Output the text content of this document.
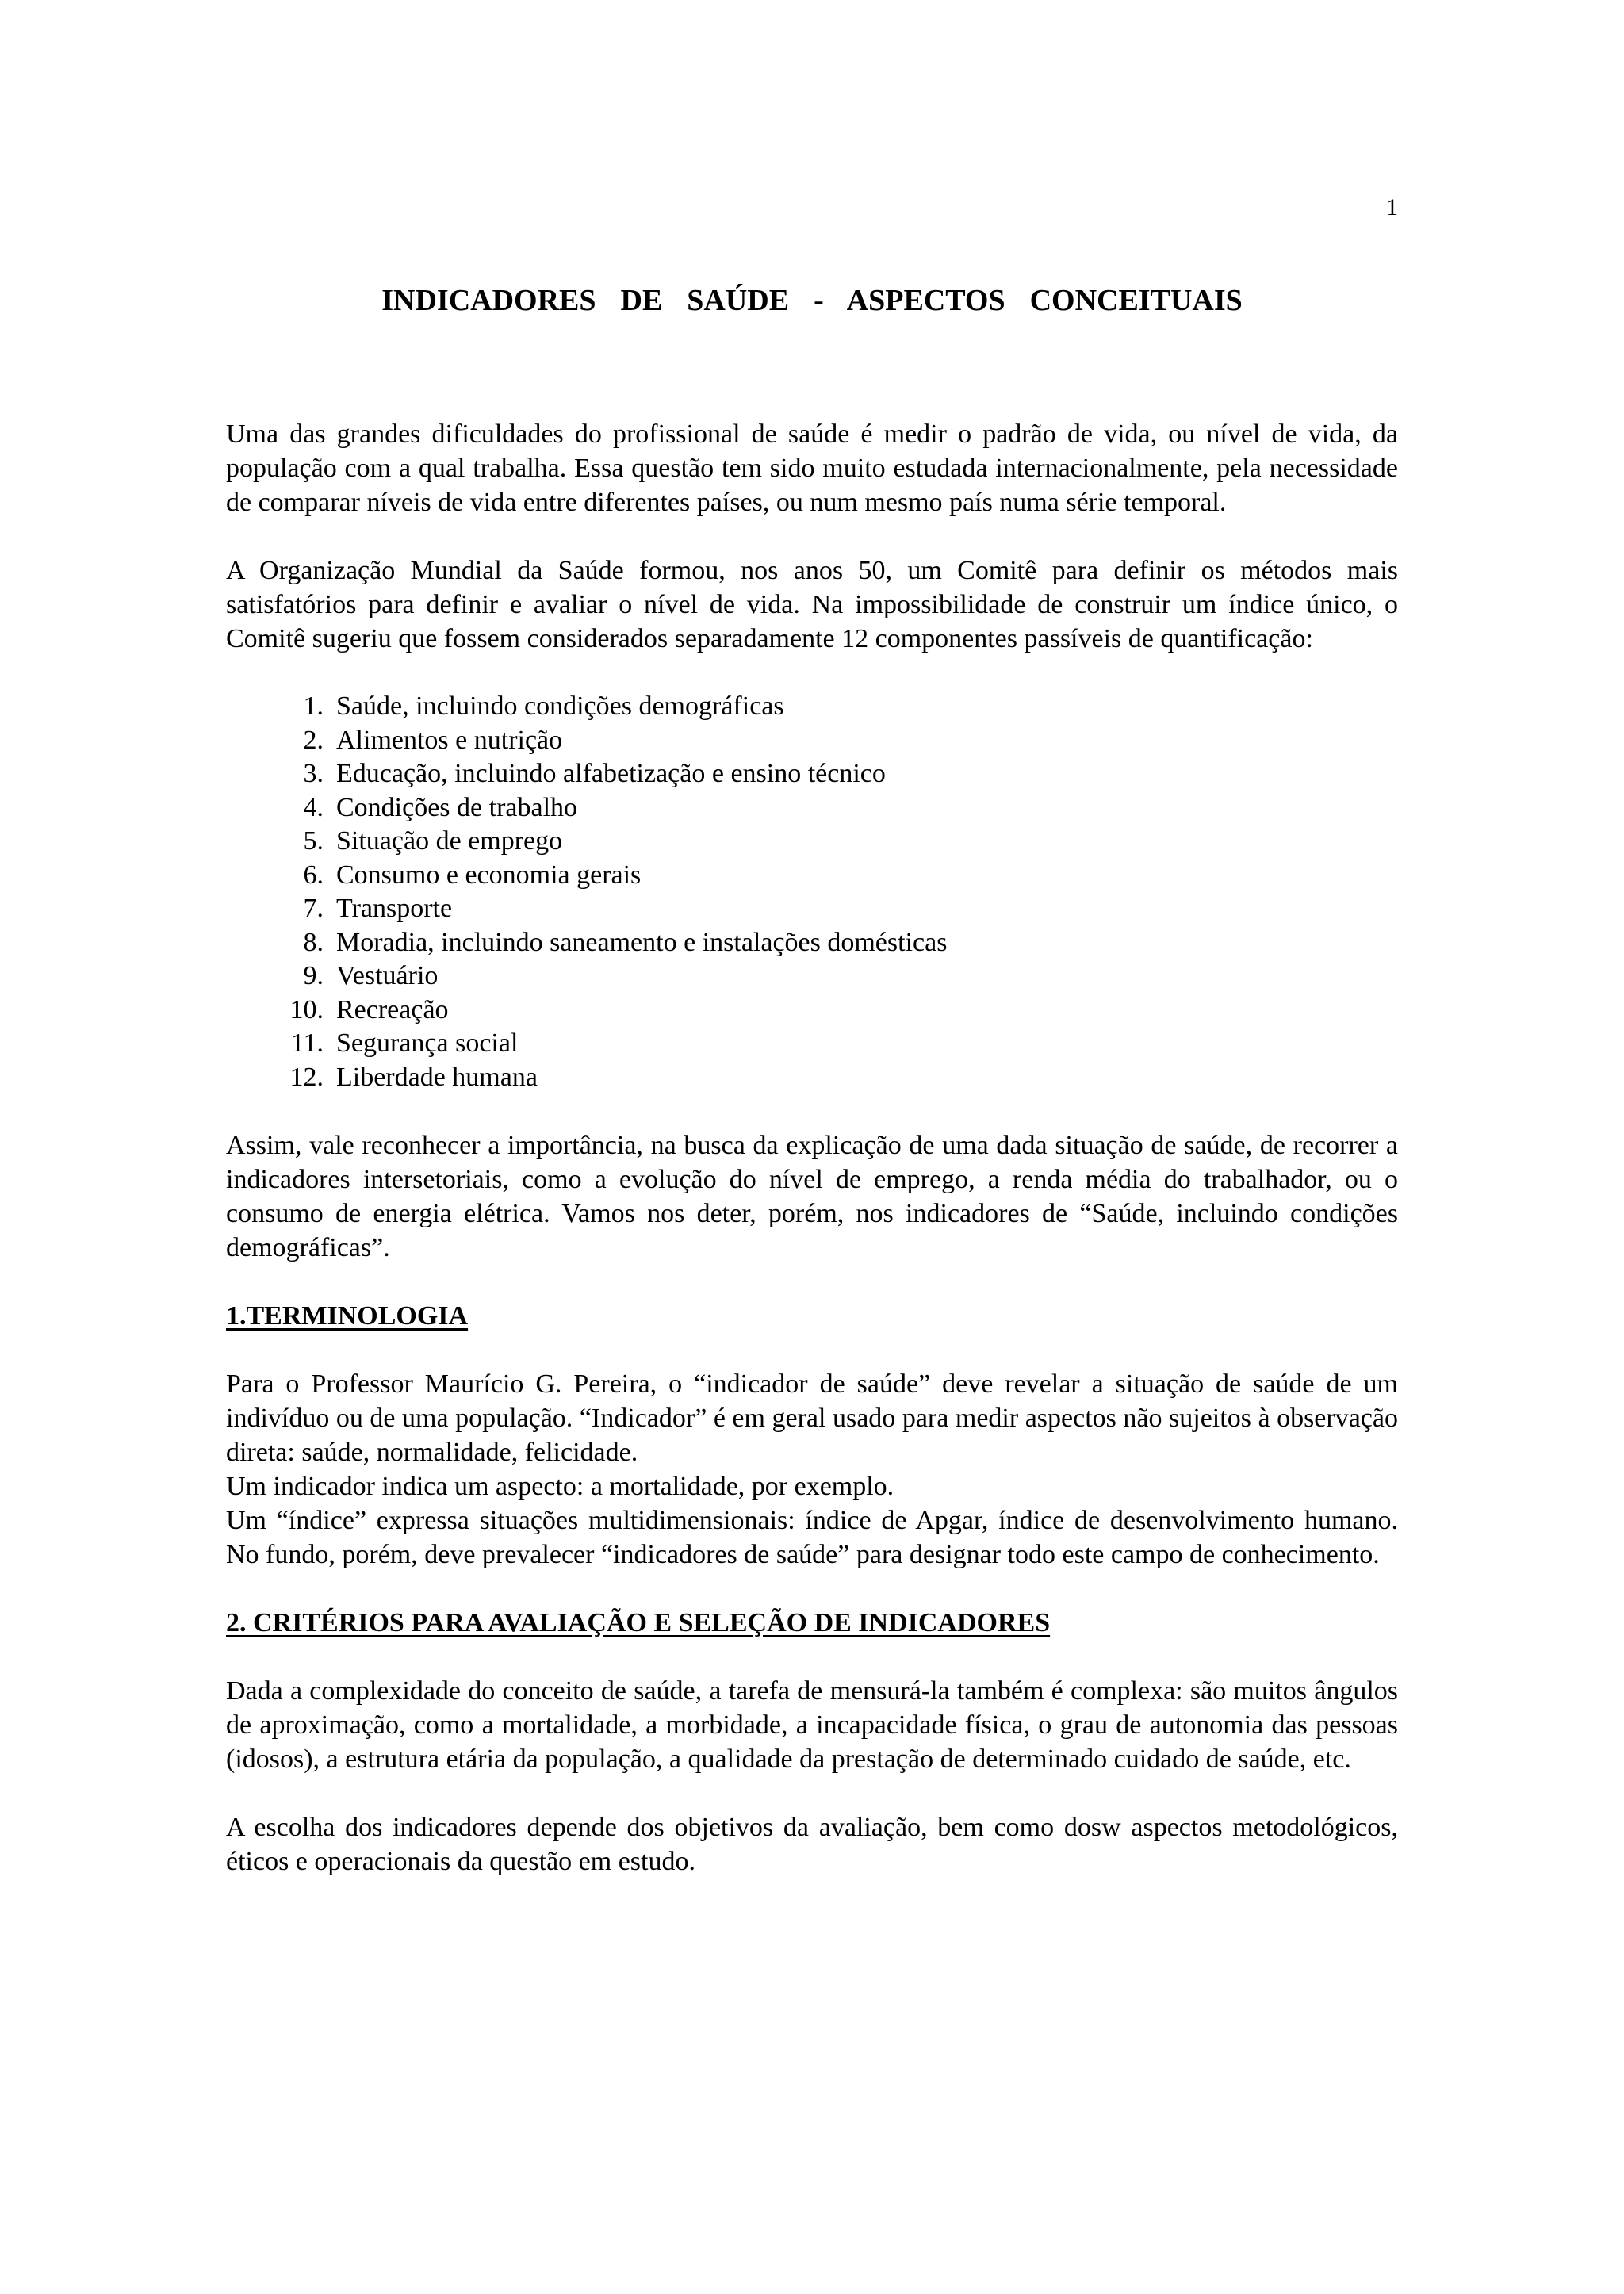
1
INDICADORES  DE  SAÚDE  -  ASPECTOS  CONCEITUAIS

Uma das grandes dificuldades do profissional de saúde é medir o padrão de vida, ou nível de vida, da população com a qual trabalha. Essa questão tem sido muito estudada internacionalmente, pela necessidade de comparar níveis de vida entre diferentes países, ou num mesmo país numa série temporal.

A Organização Mundial da Saúde formou, nos anos 50, um Comitê para definir os métodos mais satisfatórios para definir e avaliar o nível de vida. Na impossibilidade de construir um índice único, o Comitê sugeriu que fossem considerados separadamente 12 componentes passíveis de quantificação:

1. Saúde, incluindo condições demográficas
2. Alimentos e nutrição
3. Educação, incluindo alfabetização e ensino técnico
4. Condições de trabalho
5. Situação de emprego
6. Consumo e economia gerais
7. Transporte
8. Moradia, incluindo saneamento e instalações domésticas
9. Vestuário
10. Recreação
11. Segurança social
12. Liberdade humana

Assim, vale reconhecer a importância, na busca da explicação de uma dada situação de saúde, de recorrer a indicadores intersetoriais, como a evolução do nível de emprego, a renda média do trabalhador, ou o consumo de energia elétrica. Vamos nos deter, porém, nos indicadores de “Saúde, incluindo condições demográficas”.

1.TERMINOLOGIA

Para o Professor Maurício G. Pereira, o “indicador de saúde” deve revelar a situação de saúde de um indivíduo ou de uma população. “Indicador” é em geral usado para medir aspectos não sujeitos à observação direta: saúde, normalidade, felicidade.

Um indicador indica um aspecto: a mortalidade, por exemplo.

Um “índice” expressa situações multidimensionais: índice de Apgar, índice de desenvolvimento humano. No fundo, porém, deve prevalecer “indicadores de saúde” para designar todo este campo de conhecimento.

2. CRITÉRIOS PARA AVALIAÇÃO E SELEÇÃO DE INDICADORES

Dada a complexidade do conceito de saúde, a tarefa de mensurá-la também é complexa: são muitos ângulos de aproximação, como a mortalidade, a morbidade, a incapacidade física, o grau de autonomia das pessoas (idosos), a estrutura etária da população, a qualidade da prestação de determinado cuidado de saúde, etc.

A escolha dos indicadores depende dos objetivos da avaliação, bem como dosw aspectos metodológicos, éticos e operacionais da questão em estudo.
